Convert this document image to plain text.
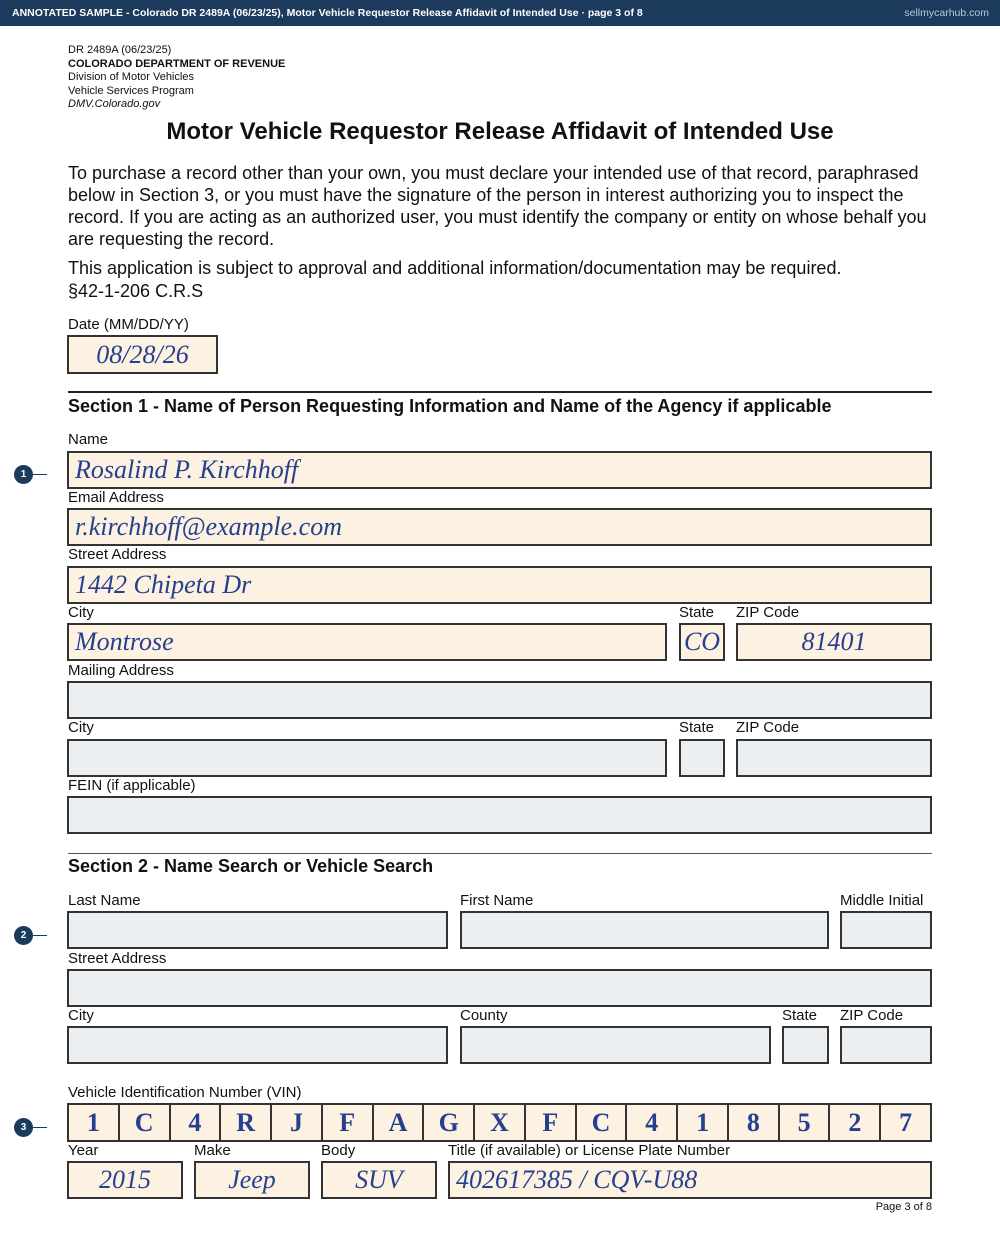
ANNOTATED SAMPLE - Colorado DR 2489A (06/23/25), Motor Vehicle Requestor Release Affidavit of Intended Use · page 3 of 8	sellmycarhub.com
DR 2489A (06/23/25)
COLORADO DEPARTMENT OF REVENUE
Division of Motor Vehicles
Vehicle Services Program
DMV.Colorado.gov
Motor Vehicle Requestor Release Affidavit of Intended Use
To purchase a record other than your own, you must declare your intended use of that record, paraphrased below in Section 3, or you must have the signature of the person in interest authorizing you to inspect the record. If you are acting as an authorized user, you must identify the company or entity on whose behalf you are requesting the record.
This application is subject to approval and additional information/documentation may be required.
§42-1-206 C.R.S
Date (MM/DD/YY)
08/28/26
Section 1 - Name of Person Requesting Information and Name of the Agency if applicable
Name
Rosalind P. Kirchhoff
Email Address
r.kirchhoff@example.com
Street Address
1442 Chipeta Dr
City	State ZIP Code
Montrose	CO	81401
Mailing Address
City	State ZIP Code
FEIN (if applicable)
Section 2 - Name Search or Vehicle Search
Last Name	First Name	Middle Initial
Street Address
City	County	State ZIP Code
Vehicle Identification Number (VIN)
1	C	4	R	J	F	A	G	X	F	C	4	1	8	5	2	7
Year	Make	Body	Title (if available) or License Plate Number
2015	Jeep	SUV	402617385 / CQV-U88
1
2
3
Page 3 of 8
